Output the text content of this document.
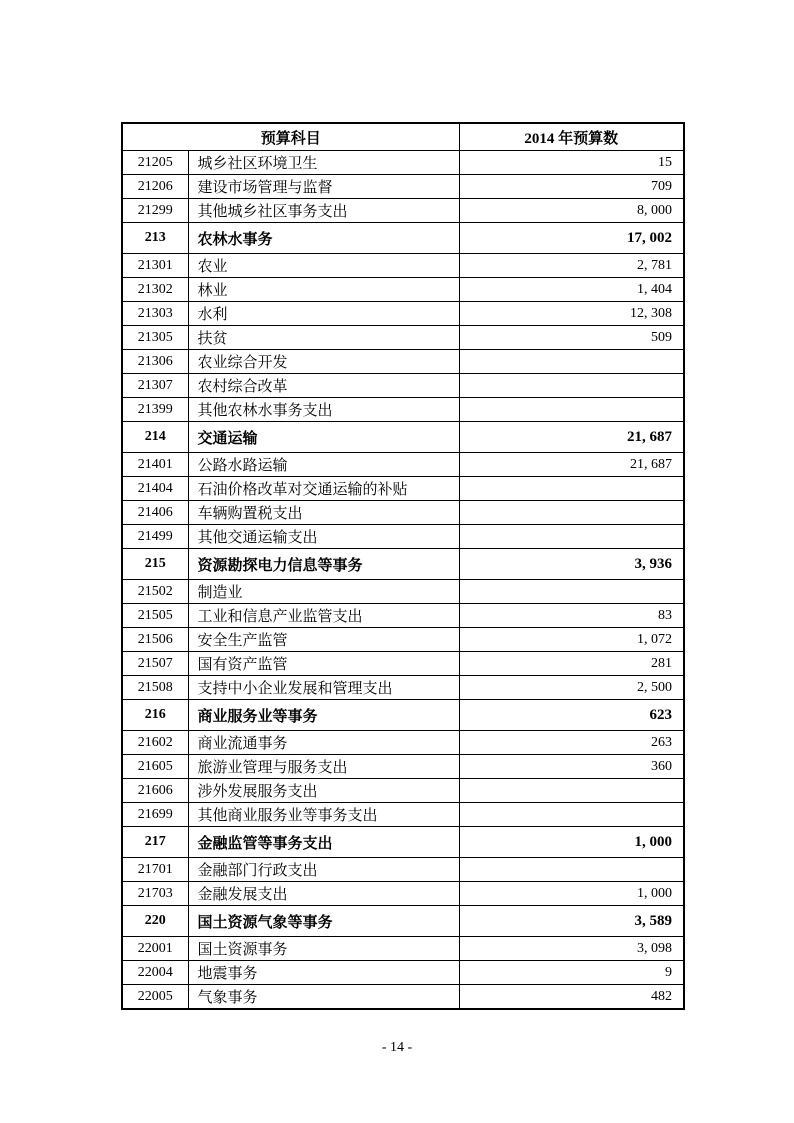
预算科目		2014 年预算数
21205	城乡社区环境卫生	15
21206	建设市场管理与监督	709
21299	其他城乡社区事务支出	8, 000
213	农林水事务	17, 002
21301	农业	2, 781
21302	林业	1, 404
21303	水利	12, 308
21305	扶贫	509
21306	农业综合开发	
21307	农村综合改革	
21399	其他农林水事务支出	
214	交通运输	21, 687
21401	公路水路运输	21, 687
21404	石油价格改革对交通运输的补贴	
21406	车辆购置税支出	
21499	其他交通运输支出	
215	资源勘探电力信息等事务	3, 936
21502	制造业	
21505	工业和信息产业监管支出	83
21506	安全生产监管	1, 072
21507	国有资产监管	281
21508	支持中小企业发展和管理支出	2, 500
216	商业服务业等事务	623
21602	商业流通事务	263
21605	旅游业管理与服务支出	360
21606	涉外发展服务支出	
21699	其他商业服务业等事务支出	
217	金融监管等事务支出	1, 000
21701	金融部门行政支出	
21703	金融发展支出	1, 000
220	国土资源气象等事务	3, 589
22001	国土资源事务	3, 098
22004	地震事务	9
22005	气象事务	482
- 14 -
